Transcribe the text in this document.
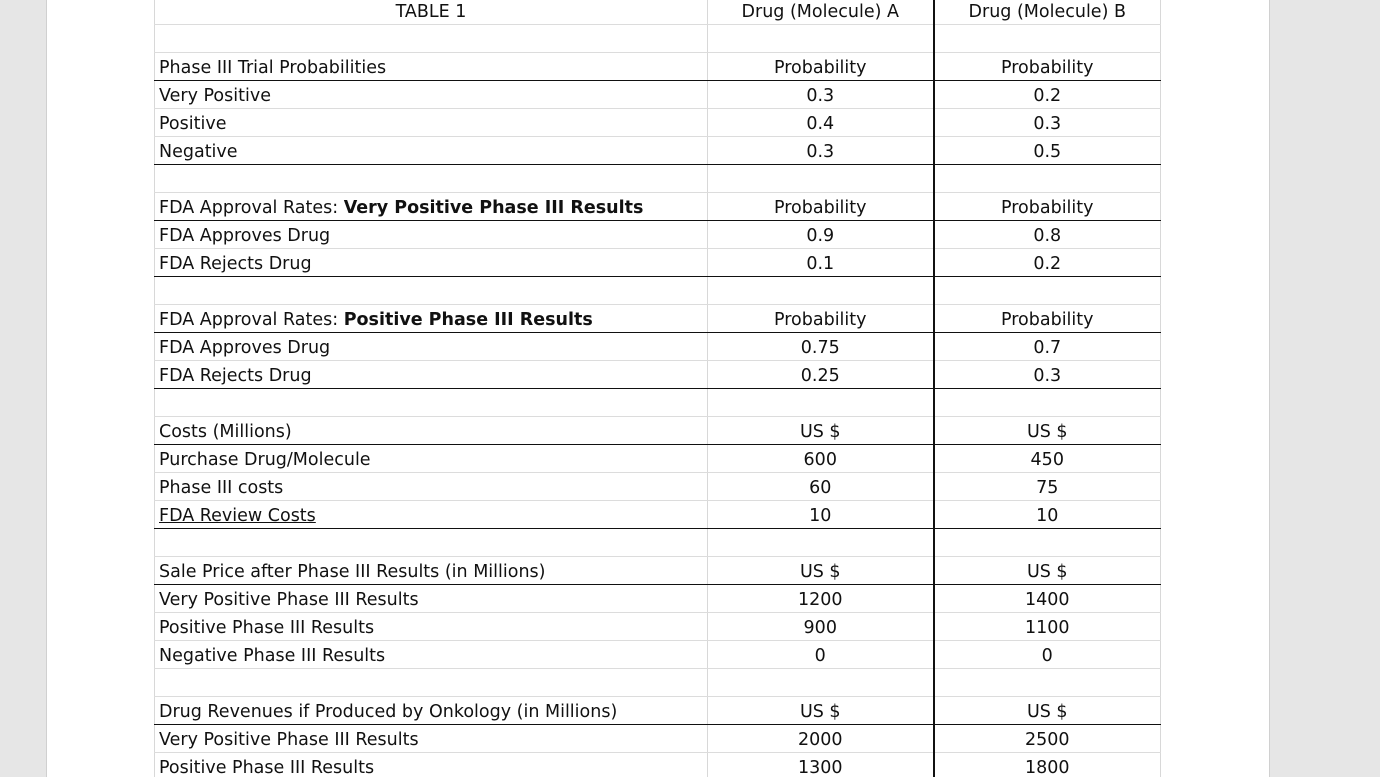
TABLE 1	Drug (Molecule) A	Drug (Molecule) B

Phase III Trial Probabilities	Probability	Probability
Very Positive	0.3	0.2
Positive	0.4	0.3
Negative	0.3	0.5

FDA Approval Rates: Very Positive Phase III Results	Probability	Probability
FDA Approves Drug	0.9	0.8
FDA Rejects Drug	0.1	0.2

FDA Approval Rates: Positive Phase III Results	Probability	Probability
FDA Approves Drug	0.75	0.7
FDA Rejects Drug	0.25	0.3

Costs (Millions)	US $	US $
Purchase Drug/Molecule	600	450
Phase III costs	60	75
FDA Review Costs	10	10

Sale Price after Phase III Results (in Millions)	US $	US $
Very Positive Phase III Results	1200	1400
Positive Phase III Results	900	1100
Negative Phase III Results	0	0

Drug Revenues if Produced by Onkology (in Millions)	US $	US $
Very Positive Phase III Results	2000	2500
Positive Phase III Results	1300	1800
